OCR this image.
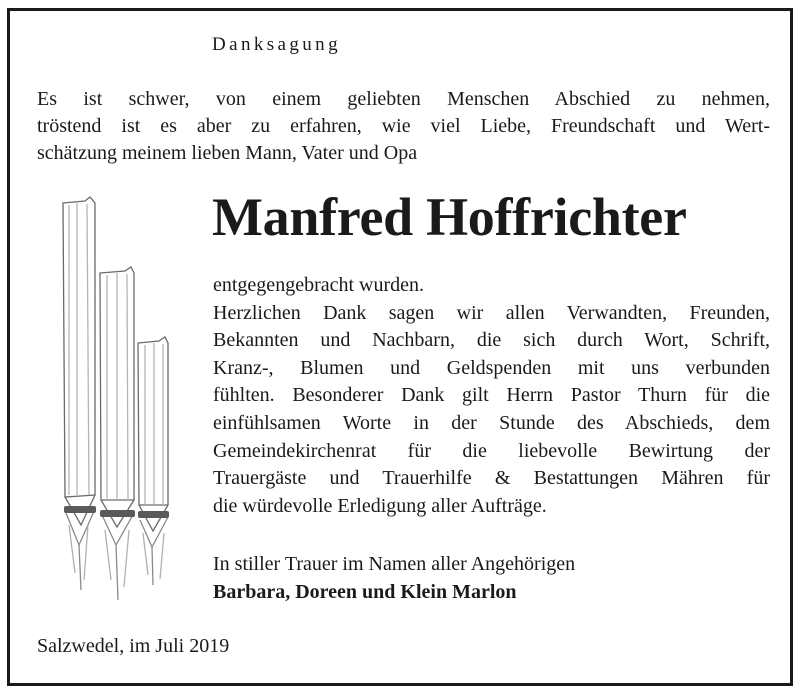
Danksagung

Es ist schwer, von einem geliebten Menschen Abschied zu nehmen,

tröstend ist es aber zu erfahren, wie viel Liebe, Freundschaft und Wert-

schätzung meinem lieben Mann, Vater und Opa

Manfred Hoffrichter

entgegengebracht wurden.

Herzlichen Dank sagen wir allen Verwandten, Freunden,

Bekannten und Nachbarn, die sich durch Wort, Schrift,

Kranz-, Blumen und Geldspenden mit uns verbunden

fühlten. Besonderer Dank gilt Herrn Pastor Thurn für die

einfühlsamen Worte in der Stunde des Abschieds, dem

Gemeindekirchenrat für die liebevolle Bewirtung der

Trauergäste und Trauerhilfe & Bestattungen Mähren für

die würdevolle Erledigung aller Aufträge.

In stiller Trauer im Namen aller Angehörigen
Barbara, Doreen und Klein Marlon
Salzwedel, im Juli 2019
